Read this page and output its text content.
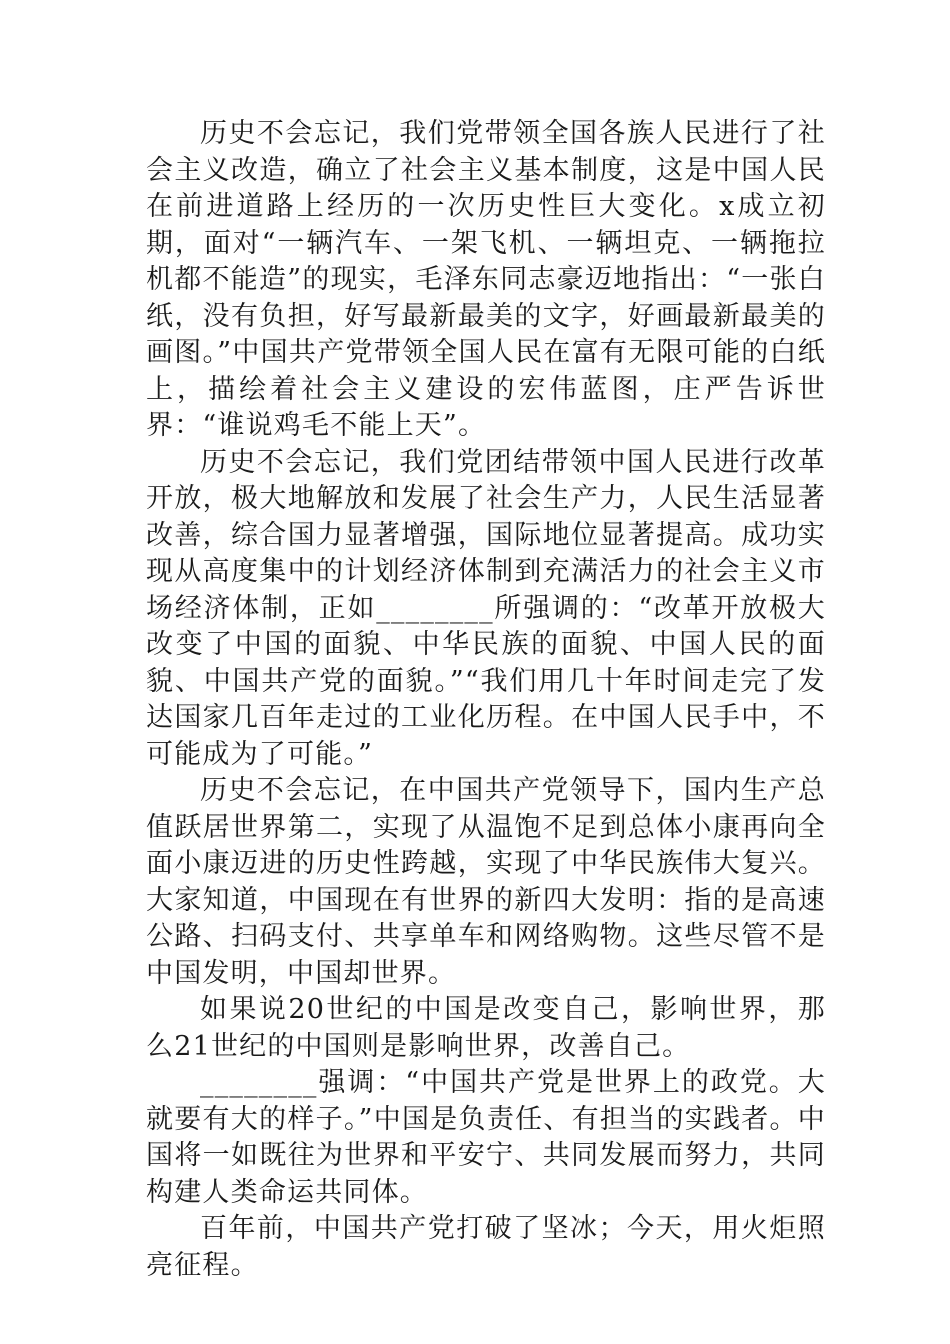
历史不会忘记，我们党带领全国各族人民进行了社会主义改造，确立了社会主义基本制度，这是中国人民在前进道路上经历的一次历史性巨大变化。x成立初期，面对“一辆汽车、一架飞机、一辆坦克、一辆拖拉机都不能造”的现实，毛泽东同志豪迈地指出：“一张白纸，没有负担，好写最新最美的文字，好画最新最美的画图。”中国共产党带领全国人民在富有无限可能的白纸上，描绘着社会主义建设的宏伟蓝图，庄严告诉世界：“谁说鸡毛不能上天”。

历史不会忘记，我们党团结带领中国人民进行改革开放，极大地解放和发展了社会生产力，人民生活显著改善，综合国力显著增强，国际地位显著提高。成功实现从高度集中的计划经济体制到充满活力的社会主义市场经济体制，正如________所强调的：“改革开放极大改变了中国的面貌、中华民族的面貌、中国人民的面貌、中国共产党的面貌。”“我们用几十年时间走完了发达国家几百年走过的工业化历程。在中国人民手中，不可能成为了可能。”

历史不会忘记，在中国共产党领导下，国内生产总值跃居世界第二，实现了从温饱不足到总体小康再向全面小康迈进的历史性跨越，实现了中华民族伟大复兴。大家知道，中国现在有世界的新四大发明：指的是高速公路、扫码支付、共享单车和网络购物。这些尽管不是中国发明，中国却世界。

如果说20世纪的中国是改变自己，影响世界，那么21世纪的中国则是影响世界，改善自己。

________强调：“中国共产党是世界上的政党。大就要有大的样子。”中国是负责任、有担当的实践者。中国将一如既往为世界和平安宁、共同发展而努力，共同构建人类命运共同体。

百年前，中国共产党打破了坚冰；今天，用火炬照亮征程。
